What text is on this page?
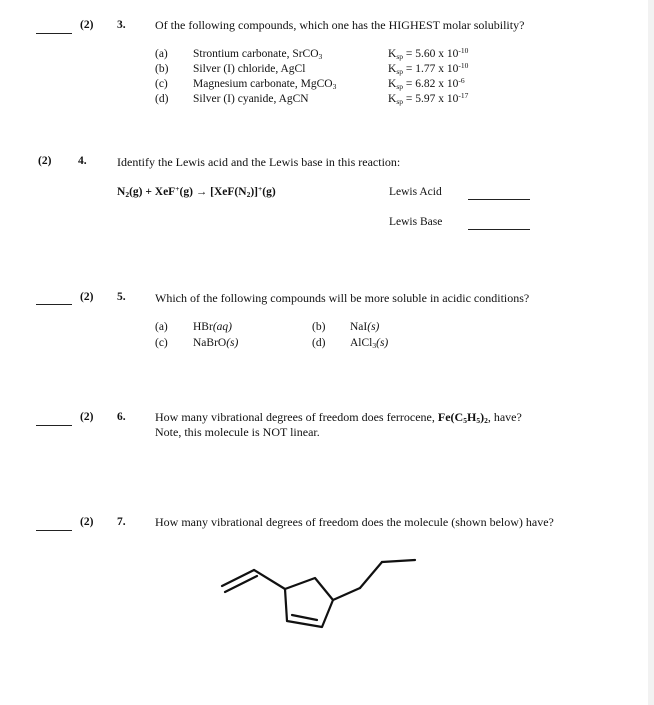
(2) 3. Of the following compounds, which one has the HIGHEST molar solubility?
(a) Strontium carbonate, SrCO$_3$	$K_{sp} = 5.60$ x $10^{-10}$
(b) Silver (I) chloride, AgCl	$K_{sp} = 1.77$ x $10^{-10}$
(c) Magnesium carbonate, MgCO$_3$	$K_{sp} = 6.82$ x $10^{-6}$
(d) Silver (I) cyanide, AgCN	$K_{sp} = 5.97$ x $10^{-17}$
(2) 4.	Identify the Lewis acid and the Lewis base in this reaction:
$N_2(g) + XeF^+(g) \to [XeF(N_2)]^+(g)$	Lewis Acid
Lewis Base
(2) 5. Which of the following compounds will be more soluble in acidic conditions?
(a) HBr(aq)	(b) NaI(s)
(c) NaBrO(s)	(d) AlCl$_3$(s)
(2) 6. How many vibrational degrees of freedom does ferrocene, $Fe(C_5H_5)_2$, have?
Note, this molecule is NOT linear.
(2) 7. How many vibrational degrees of freedom does the molecule (shown below) have?
